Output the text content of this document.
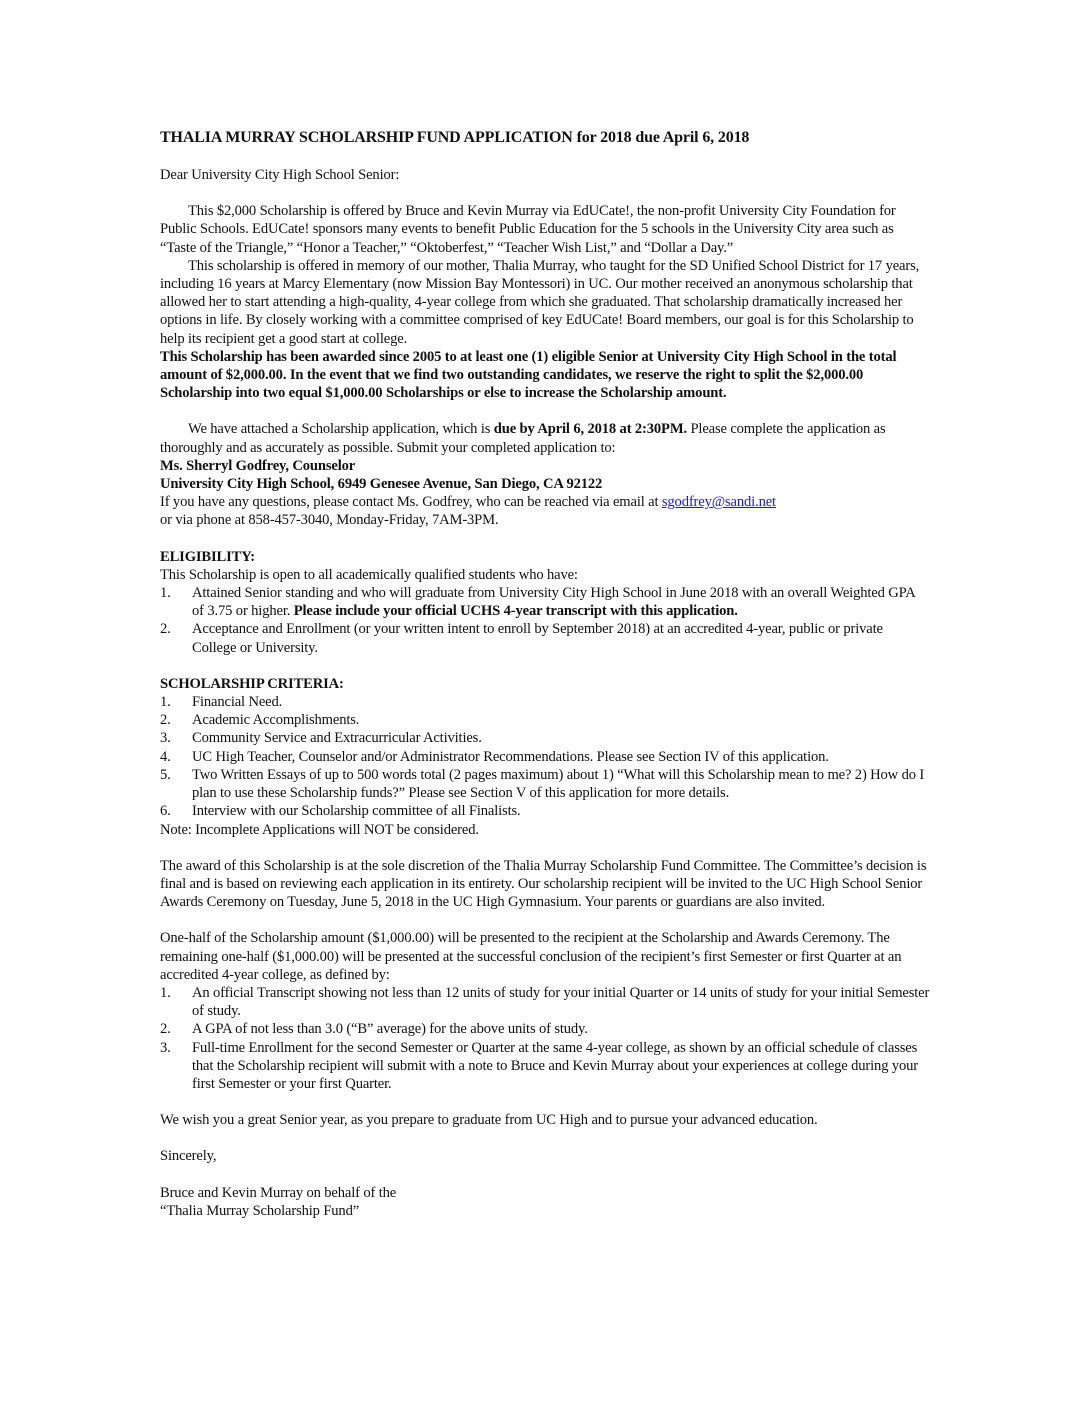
THALIA MURRAY SCHOLARSHIP FUND APPLICATION for 2018 due April 6, 2018

Dear University City High School Senior:

This $2,000 Scholarship is offered by Bruce and Kevin Murray via EdUCate!, the non-profit University City Foundation for Public Schools. EdUCate! sponsors many events to benefit Public Education for the 5 schools in the University City area such as “Taste of the Triangle,” “Honor a Teacher,” “Oktoberfest,” “Teacher Wish List,” and “Dollar a Day.”

This scholarship is offered in memory of our mother, Thalia Murray, who taught for the SD Unified School District for 17 years, including 16 years at Marcy Elementary (now Mission Bay Montessori) in UC. Our mother received an anonymous scholarship that allowed her to start attending a high-quality, 4-year college from which she graduated. That scholarship dramatically increased her options in life. By closely working with a committee comprised of key EdUCate! Board members, our goal is for this Scholarship to help its recipient get a good start at college.

This Scholarship has been awarded since 2005 to at least one (1) eligible Senior at University City High School in the total amount of $2,000.00. In the event that we find two outstanding candidates, we reserve the right to split the $2,000.00 Scholarship into two equal $1,000.00 Scholarships or else to increase the Scholarship amount.

We have attached a Scholarship application, which is due by April 6, 2018 at 2:30PM. Please complete the application as thoroughly and as accurately as possible. Submit your completed application to:

Ms. Sherryl Godfrey, Counselor

University City High School, 6949 Genesee Avenue, San Diego, CA 92122

If you have any questions, please contact Ms. Godfrey, who can be reached via email at sgodfrey@sandi.net

or via phone at 858-457-3040, Monday-Friday, 7AM-3PM.

ELIGIBILITY:

This Scholarship is open to all academically qualified students who have:

1. Attained Senior standing and who will graduate from University City High School in June 2018 with an overall Weighted GPA of 3.75 or higher. Please include your official UCHS 4-year transcript with this application.
2. Acceptance and Enrollment (or your written intent to enroll by September 2018) at an accredited 4-year, public or private College or University.

SCHOLARSHIP CRITERIA:

1. Financial Need.
2. Academic Accomplishments.
3. Community Service and Extracurricular Activities.
4. UC High Teacher, Counselor and/or Administrator Recommendations. Please see Section IV of this application.
5. Two Written Essays of up to 500 words total (2 pages maximum) about 1) “What will this Scholarship mean to me? 2) How do I plan to use these Scholarship funds?” Please see Section V of this application for more details.
6. Interview with our Scholarship committee of all Finalists.

Note: Incomplete Applications will NOT be considered.

The award of this Scholarship is at the sole discretion of the Thalia Murray Scholarship Fund Committee. The Committee’s decision is final and is based on reviewing each application in its entirety. Our scholarship recipient will be invited to the UC High School Senior Awards Ceremony on Tuesday, June 5, 2018 in the UC High Gymnasium. Your parents or guardians are also invited.

One-half of the Scholarship amount ($1,000.00) will be presented to the recipient at the Scholarship and Awards Ceremony. The remaining one-half ($1,000.00) will be presented at the successful conclusion of the recipient’s first Semester or first Quarter at an accredited 4-year college, as defined by:

1. An official Transcript showing not less than 12 units of study for your initial Quarter or 14 units of study for your initial Semester of study.
2. A GPA of not less than 3.0 (“B” average) for the above units of study.
3. Full-time Enrollment for the second Semester or Quarter at the same 4-year college, as shown by an official schedule of classes that the Scholarship recipient will submit with a note to Bruce and Kevin Murray about your experiences at college during your first Semester or your first Quarter.

We wish you a great Senior year, as you prepare to graduate from UC High and to pursue your advanced education.

Sincerely,

Bruce and Kevin Murray on behalf of the

“Thalia Murray Scholarship Fund”
